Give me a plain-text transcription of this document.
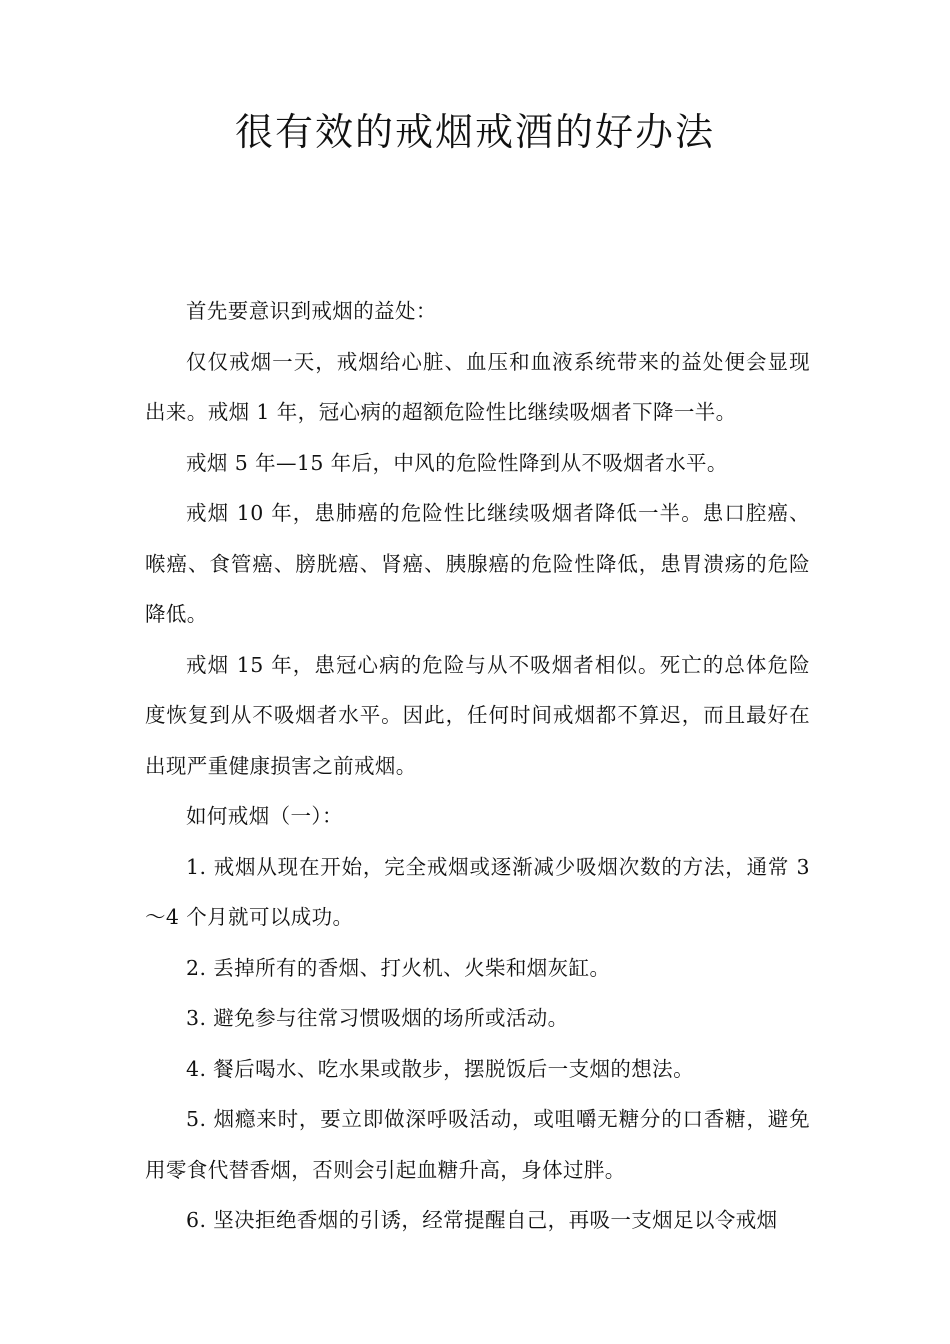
很有效的戒烟戒酒的好办法

首先要意识到戒烟的益处：

仅仅戒烟一天，戒烟给心脏、血压和血液系统带来的益处便会显现出来。戒烟 1 年，冠心病的超额危险性比继续吸烟者下降一半。

戒烟 5 年—15 年后，中风的危险性降到从不吸烟者水平。

戒烟 10 年，患肺癌的危险性比继续吸烟者降低一半。患口腔癌、喉癌、食管癌、膀胱癌、肾癌、胰腺癌的危险性降低，患胃溃疡的危险降低。

戒烟 15 年，患冠心病的危险与从不吸烟者相似。死亡的总体危险度恢复到从不吸烟者水平。因此，任何时间戒烟都不算迟，而且最好在出现严重健康损害之前戒烟。

如何戒烟（一）：

1. 戒烟从现在开始，完全戒烟或逐渐减少吸烟次数的方法，通常 3～4 个月就可以成功。

2. 丢掉所有的香烟、打火机、火柴和烟灰缸。

3. 避免参与往常习惯吸烟的场所或活动。

4. 餐后喝水、吃水果或散步，摆脱饭后一支烟的想法。

5. 烟瘾来时，要立即做深呼吸活动，或咀嚼无糖分的口香糖，避免用零食代替香烟，否则会引起血糖升高，身体过胖。

6. 坚决拒绝香烟的引诱，经常提醒自己，再吸一支烟足以令戒烟
